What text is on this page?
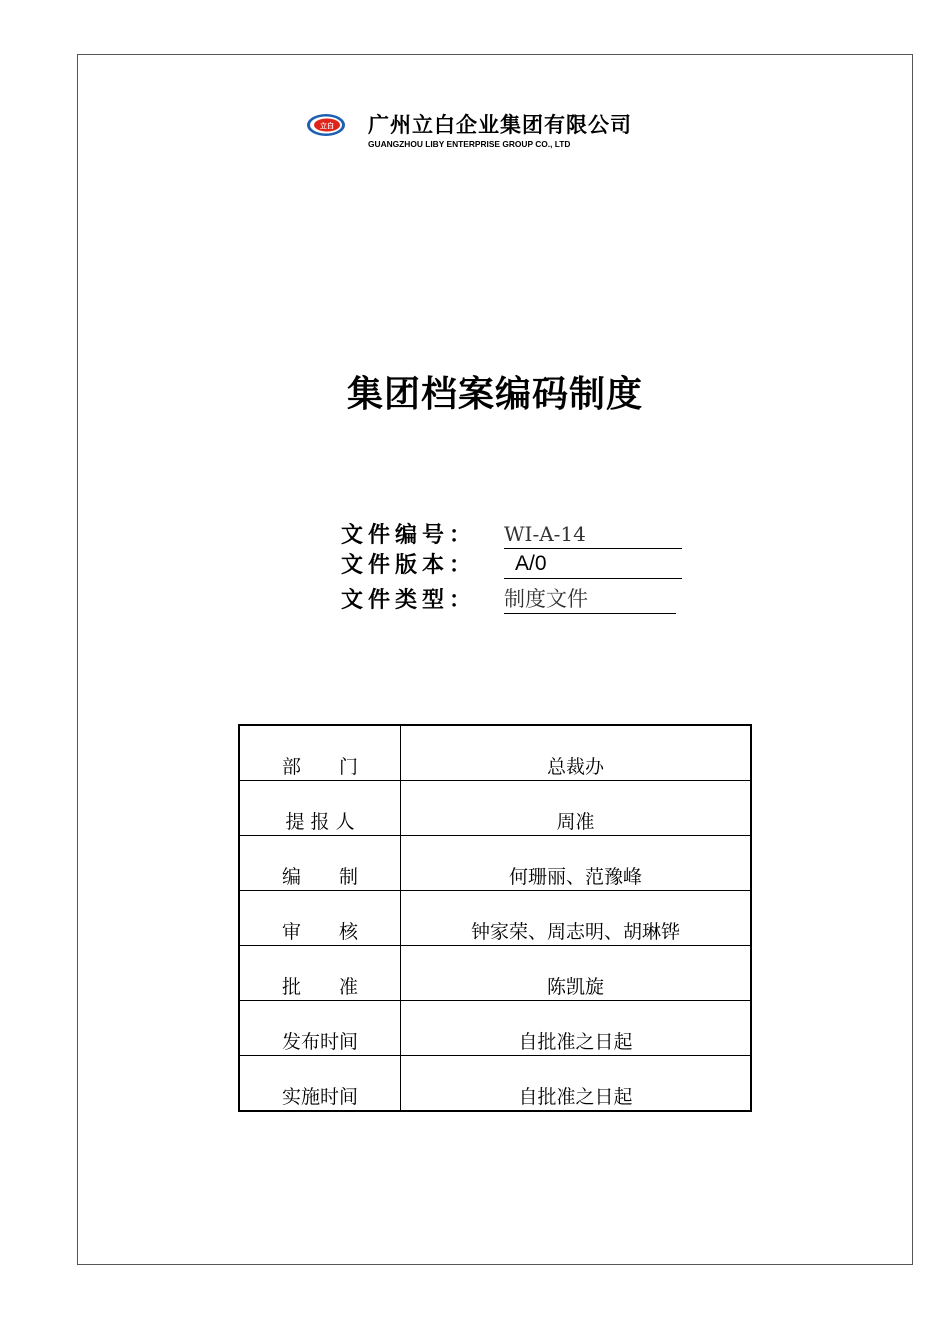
立白 广州立白企业集团有限公司
GUANGZHOU LIBY ENTERPRISE GROUP CO., LTD
集团档案编码制度
文件编号：	WI-A-14
文件版本：	A/0
文件类型：	制度文件
部　　门	总裁办
提 报 人	周准
编　　制	何珊丽、范豫峰
审　　核	钟家荣、周志明、胡琳铧
批　　准	陈凯旋
发布时间	自批准之日起
实施时间	自批准之日起
